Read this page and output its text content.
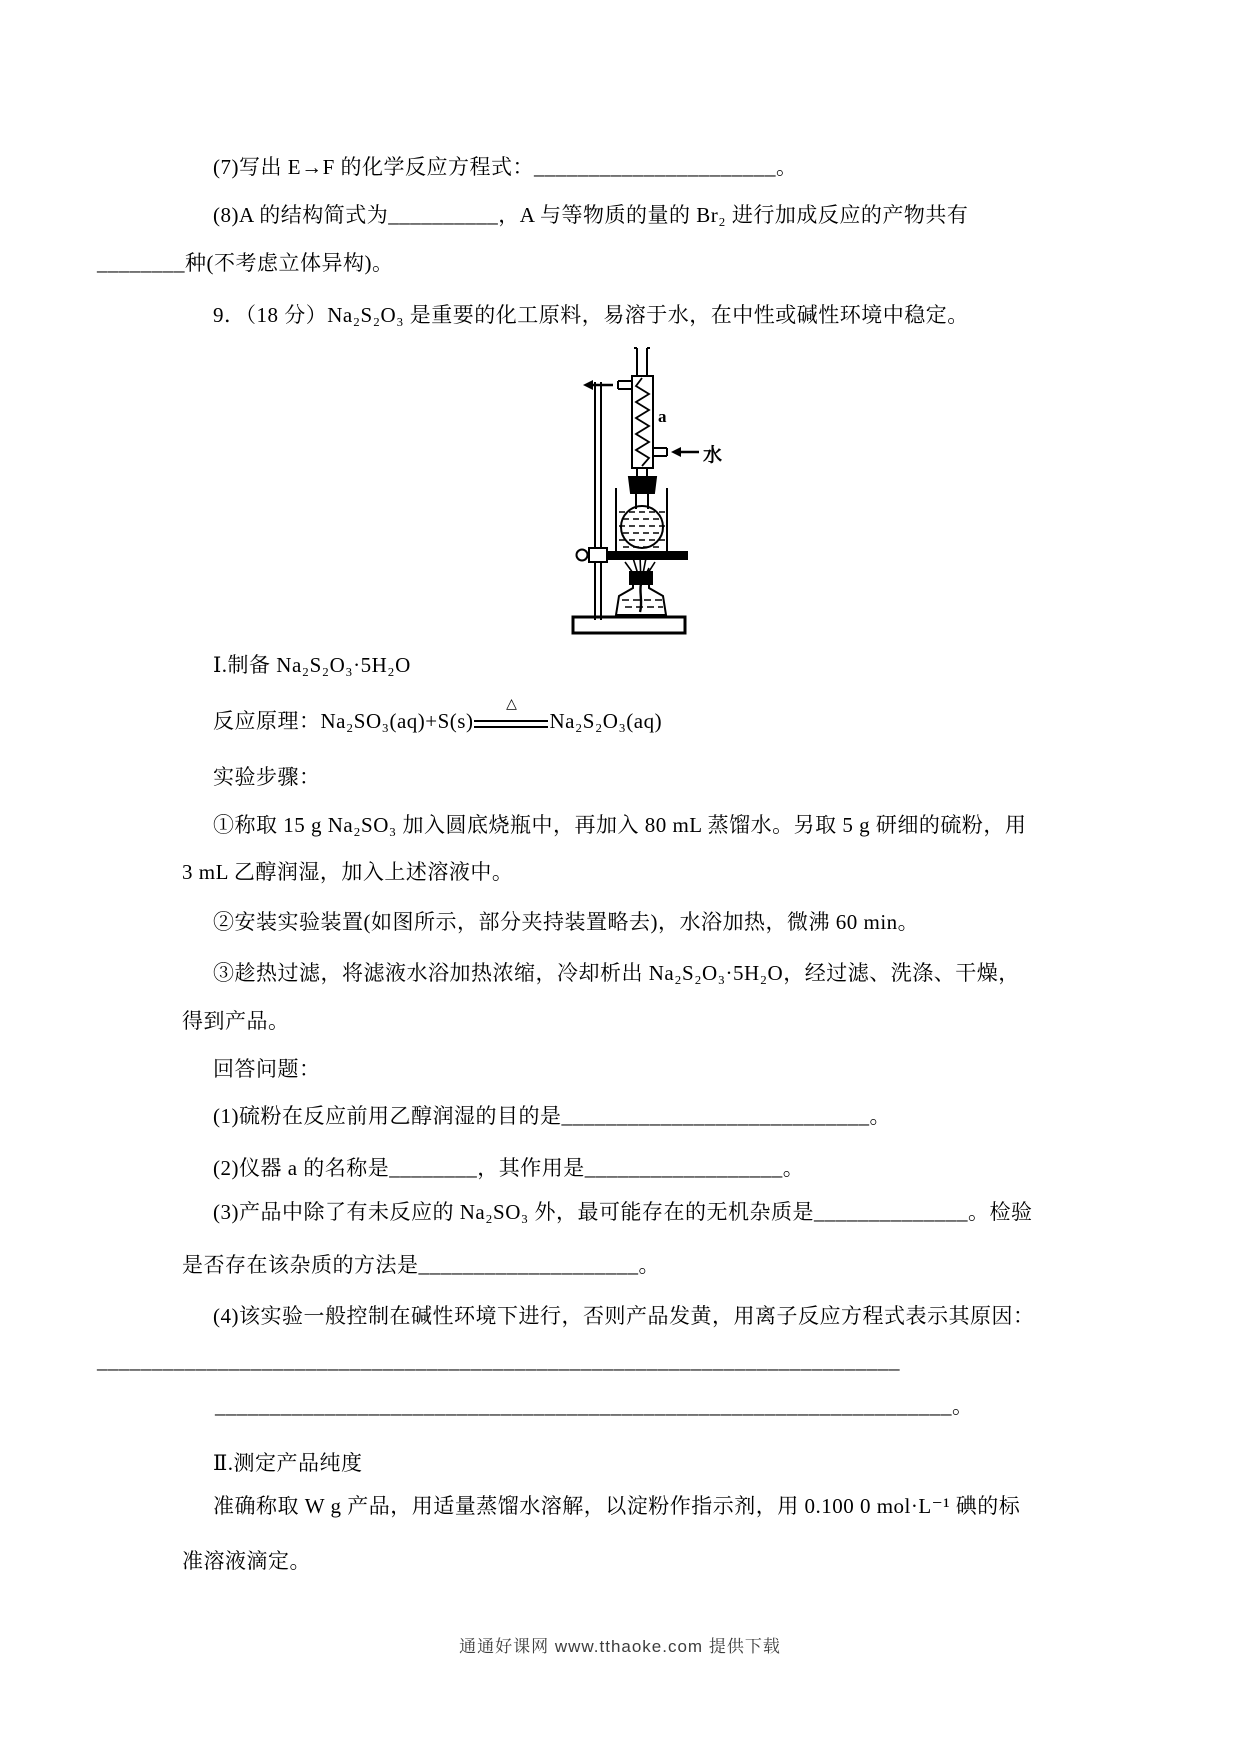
(7)写出 E→F 的化学反应方程式：______________________。
(8)A 的结构简式为__________，A 与等物质的量的 Br₂ 进行加成反应的产物共有
________种(不考虑立体异构)。
9．（18 分）Na₂S₂O₃ 是重要的化工原料，易溶于水，在中性或碱性环境中稳定。
a
水
Ⅰ.制备 Na₂S₂O₃·5H₂O
反应原理：Na₂SO₃(aq)+S(s)
△
Na₂S₂O₃(aq)
实验步骤：
①称取 15 g Na₂SO₃ 加入圆底烧瓶中，再加入 80 mL 蒸馏水。另取 5 g 研细的硫粉，用
3 mL 乙醇润湿，加入上述溶液中。
②安装实验装置(如图所示，部分夹持装置略去)，水浴加热，微沸 60 min。
③趁热过滤，将滤液水浴加热浓缩，冷却析出 Na₂S₂O₃·5H₂O，经过滤、洗涤、干燥，
得到产品。
回答问题：
(1)硫粉在反应前用乙醇润湿的目的是____________________________。
(2)仪器 a 的名称是________，其作用是__________________。
(3)产品中除了有未反应的 Na₂SO₃ 外，最可能存在的无机杂质是______________。检验
是否存在该杂质的方法是____________________。
(4)该实验一般控制在碱性环境下进行，否则产品发黄，用离子反应方程式表示其原因：
_________________________________________________________________________
___________________________________________________________________。
Ⅱ.测定产品纯度
准确称取 W g 产品，用适量蒸馏水溶解，以淀粉作指示剂，用 0.100 0 mol·L⁻¹ 碘的标
准溶液滴定。
通通好课网 www.tthaoke.com 提供下载
